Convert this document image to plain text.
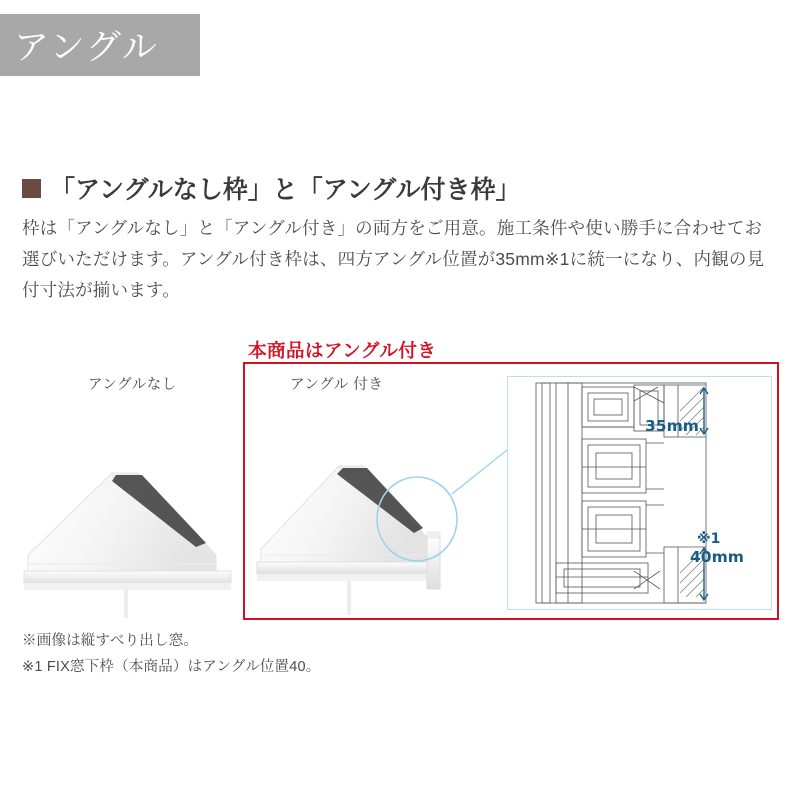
アングル
「アングルなし枠」と「アングル付き枠」
枠は「アングルなし」と「アングル付き」の両方をご用意。施工条件や使い勝手に合わせてお選びいただけます。アングル付き枠は、四方アングル位置が35mm※1に統一になり、内観の見付寸法が揃います。
本商品はアングル付き
アングルなし	アングル 付き
35mm
※1
40mm
※画像は縦すべり出し窓。
※1 FIX窓下枠（本商品）はアングル位置40。
